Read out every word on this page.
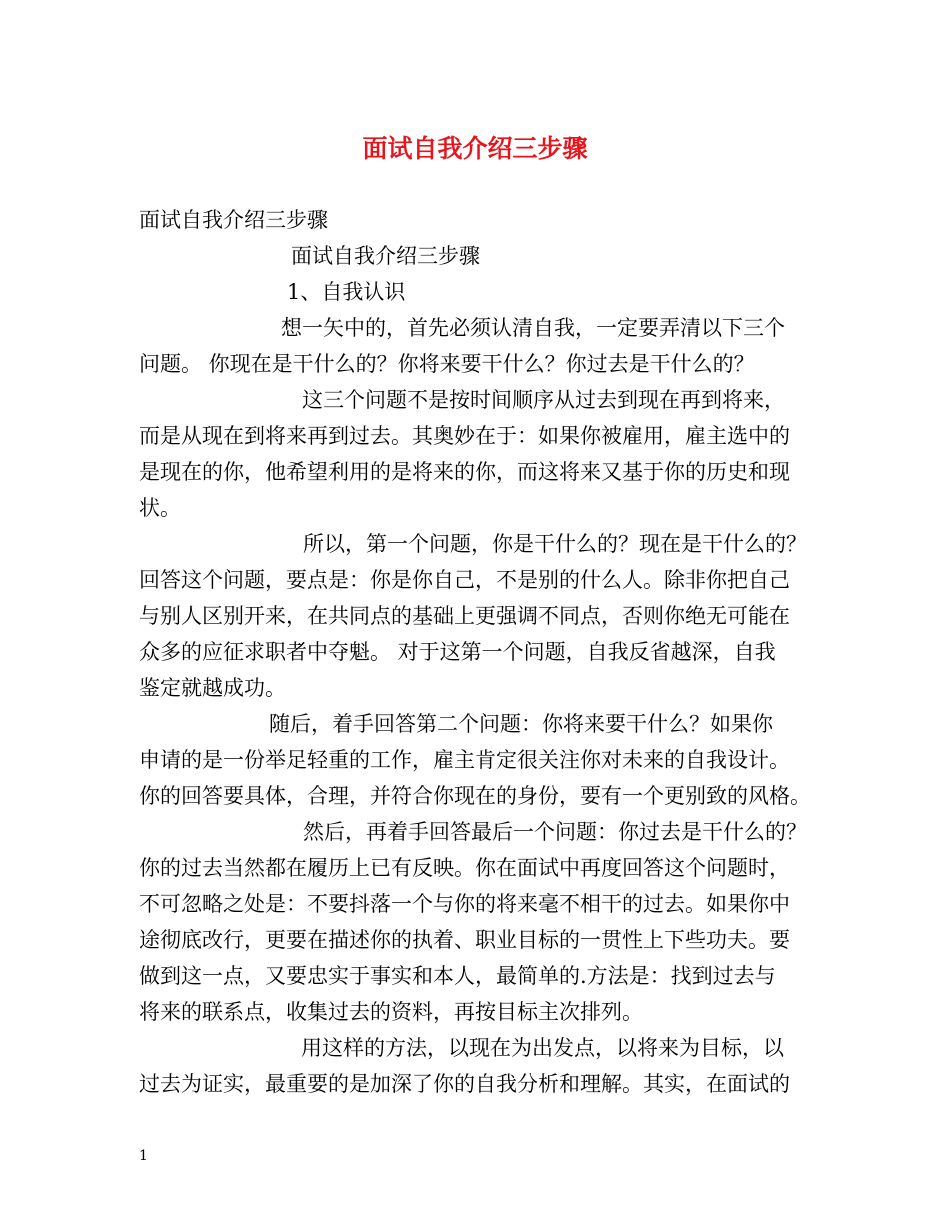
面试自我介绍三步骤
面试自我介绍三步骤
面试自我介绍三步骤
1、自我认识
想一矢中的，首先必须认清自我，一定要弄清以下三个
问题。 你现在是干什么的？你将来要干什么？你过去是干什么的？
这三个问题不是按时间顺序从过去到现在再到将来，
而是从现在到将来再到过去。其奥妙在于：如果你被雇用，雇主选中的
是现在的你，他希望利用的是将来的你，而这将来又基于你的历史和现
状。
所以，第一个问题，你是干什么的？现在是干什么的？
回答这个问题，要点是：你是你自己，不是别的什么人。除非你把自己
与别人区别开来，在共同点的基础上更强调不同点，否则你绝无可能在
众多的应征求职者中夺魁。 对于这第一个问题，自我反省越深，自我
鉴定就越成功。
随后，着手回答第二个问题：你将来要干什么？如果你
申请的是一份举足轻重的工作，雇主肯定很关注你对未来的自我设计。
你的回答要具体，合理，并符合你现在的身份，要有一个更别致的风格。
然后，再着手回答最后一个问题：你过去是干什么的？
你的过去当然都在履历上已有反映。你在面试中再度回答这个问题时，
不可忽略之处是：不要抖落一个与你的将来毫不相干的过去。如果你中
途彻底改行，更要在描述你的执着、职业目标的一贯性上下些功夫。要
做到这一点，又要忠实于事实和本人，最简单的.方法是：找到过去与
将来的联系点，收集过去的资料，再按目标主次排列。
用这样的方法，以现在为出发点，以将来为目标，以
过去为证实，最重要的是加深了你的自我分析和理解。其实，在面试的
1
